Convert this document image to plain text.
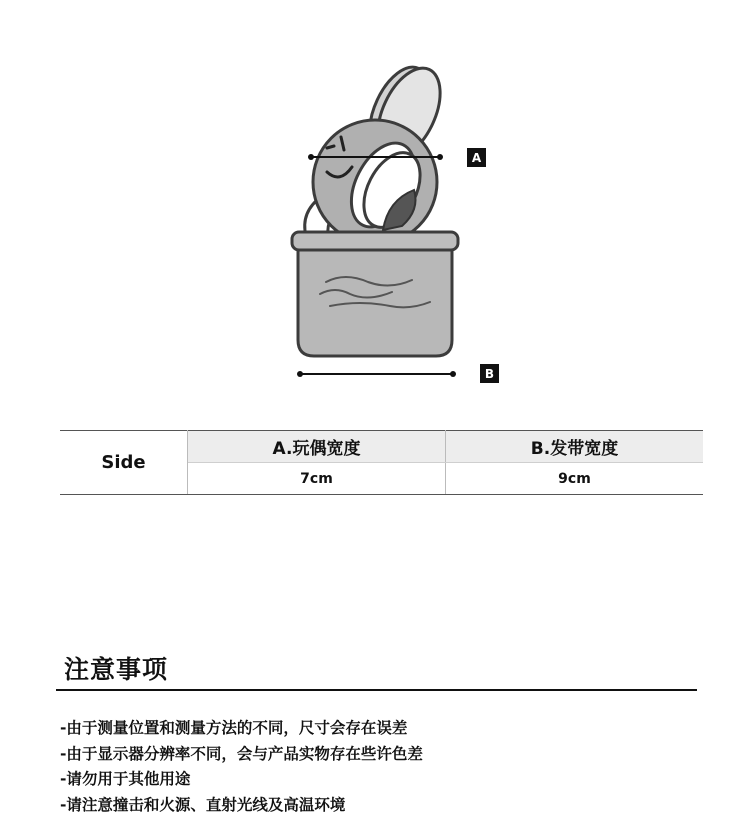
A
B
Side
A.玩偶宽度	B.发带宽度
7cm	9cm
注意事项
-由于测量位置和测量方法的不同，尺寸会存在误差
-由于显示器分辨率不同，会与产品实物存在些许色差
-请勿用于其他用途
-请注意撞击和火源、直射光线及高温环境
